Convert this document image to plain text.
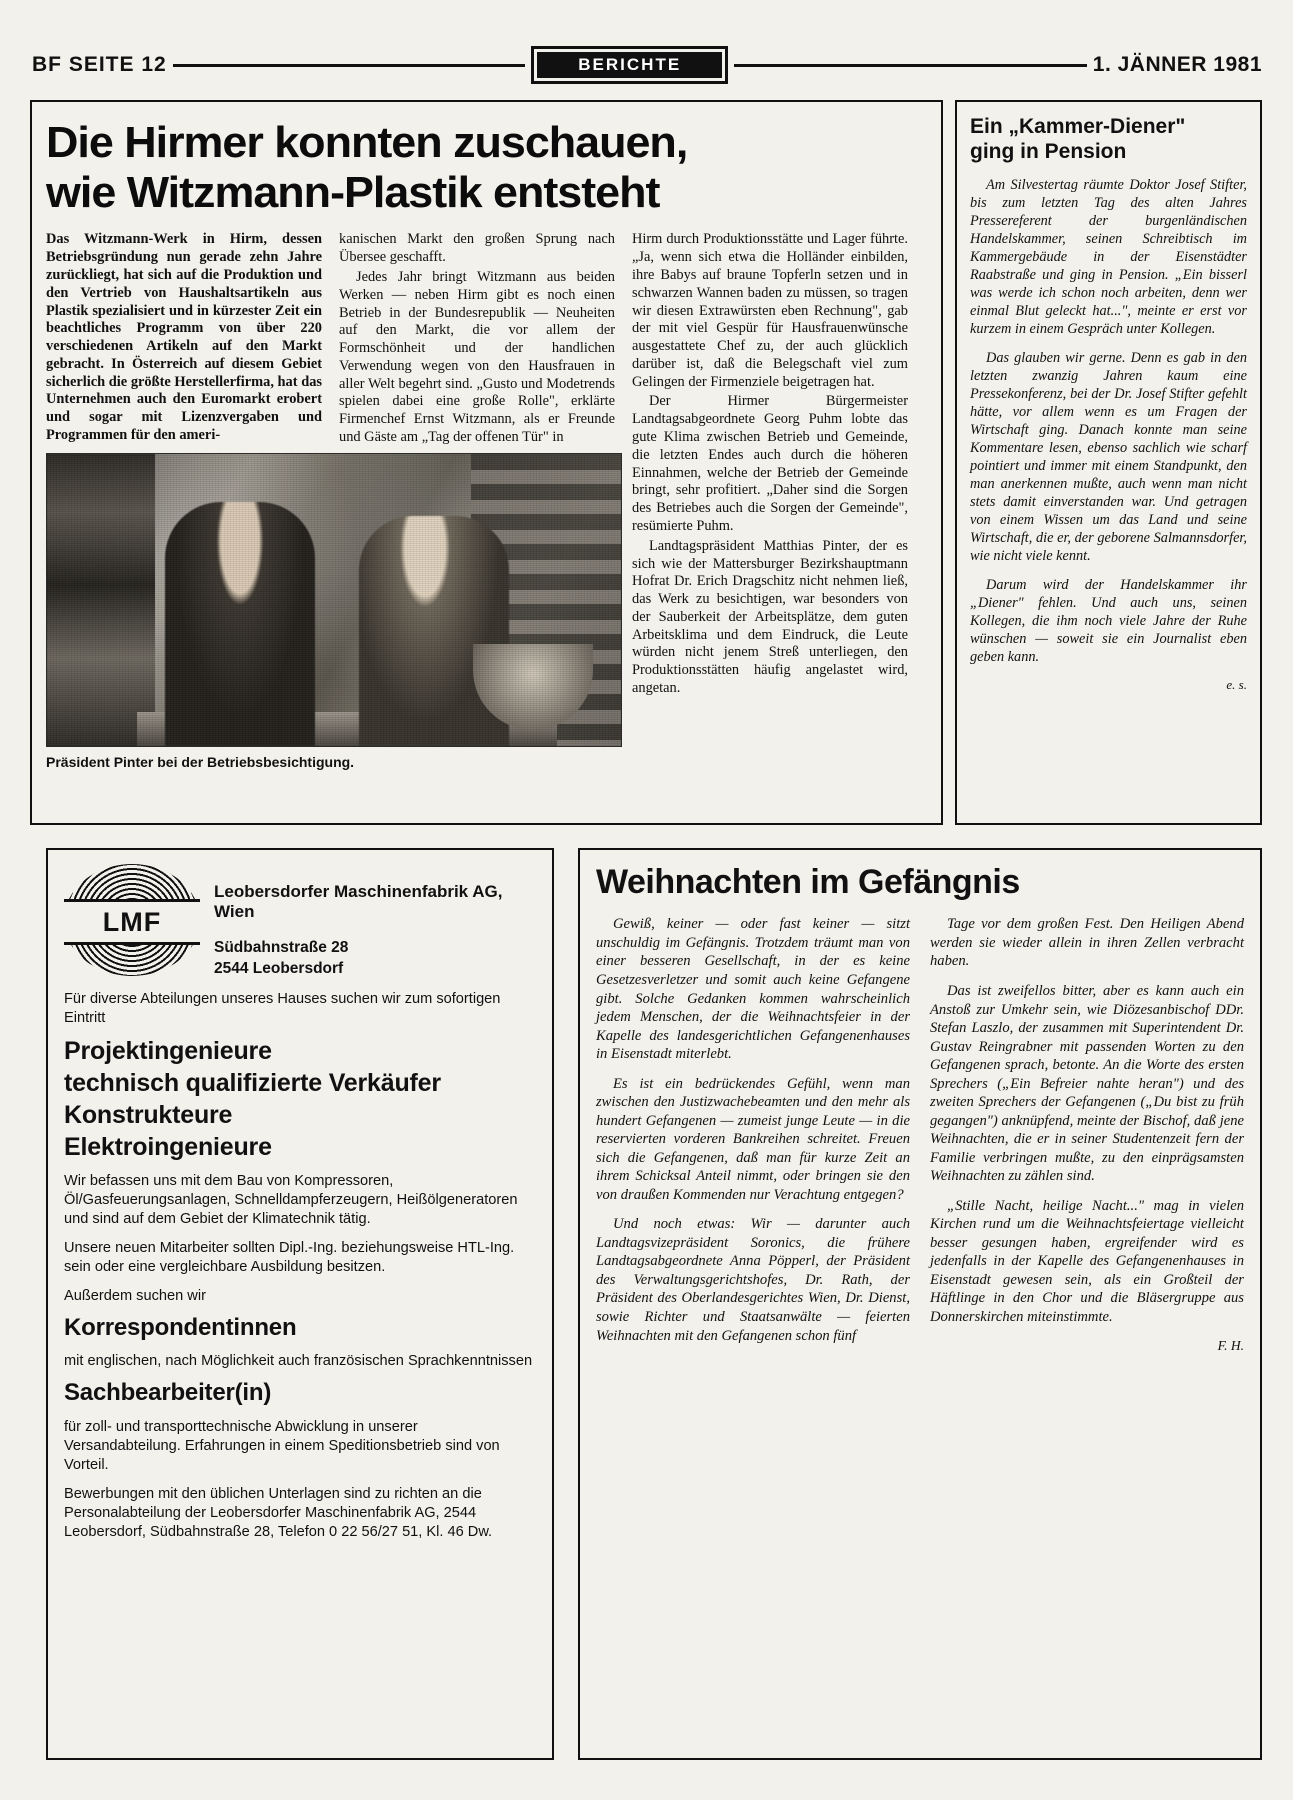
BF SEITE 12	BERICHTE	1. JÄNNER 1981
Die Hirmer konnten zuschauen,
wie Witzmann-Plastik entsteht

Das Witzmann-Werk in Hirm, dessen Betriebsgründung nun gerade zehn Jahre zurückliegt, hat sich auf die Produktion und den Vertrieb von Haushaltsartikeln aus Plastik spezialisiert und in kürzester Zeit ein beachtliches Programm von über 220 verschiedenen Artikeln auf den Markt gebracht. In Österreich auf diesem Gebiet sicherlich die größte Herstellerfirma, hat das Unternehmen auch den Euromarkt erobert und sogar mit Lizenzvergaben und Programmen für den ameri-

Präsident Pinter bei der Betriebsbesichtigung.

kanischen Markt den großen Sprung nach Übersee geschafft.

Jedes Jahr bringt Witzmann aus beiden Werken — neben Hirm gibt es noch einen Betrieb in der Bundesrepublik — Neuheiten auf den Markt, die vor allem der Formschönheit und der handlichen Verwendung wegen von den Hausfrauen in aller Welt begehrt sind. „Gusto und Modetrends spielen dabei eine große Rolle", erklärte Firmenchef Ernst Witzmann, als er Freunde und Gäste am „Tag der offenen Tür" in

Hirm durch Produktionsstätte und Lager führte. „Ja, wenn sich etwa die Holländer einbilden, ihre Babys auf braune Topferln setzen und in schwarzen Wannen baden zu müssen, so tragen wir diesen Extrawürsten eben Rechnung", gab der mit viel Gespür für Hausfrauenwünsche ausgestattete Chef zu, der auch glücklich darüber ist, daß die Belegschaft viel zum Gelingen der Firmenziele beigetragen hat.

Der Hirmer Bürgermeister Landtagsabgeordnete Georg Puhm lobte das gute Klima zwischen Betrieb und Gemeinde, die letzten Endes auch durch die höheren Einnahmen, welche der Betrieb der Gemeinde bringt, sehr profitiert. „Daher sind die Sorgen des Betriebes auch die Sorgen der Gemeinde", resümierte Puhm.

Landtagspräsident Matthias Pinter, der es sich wie der Mattersburger Bezirkshauptmann Hofrat Dr. Erich Dragschitz nicht nehmen ließ, das Werk zu besichtigen, war besonders von der Sauberkeit der Arbeitsplätze, dem guten Arbeitsklima und dem Eindruck, die Leute würden nicht jenem Streß unterliegen, den Produktionsstätten häufig angelastet wird, angetan.

Ein „Kammer-Diener"
ging in Pension

Am Silvestertag räumte Doktor Josef Stifter, bis zum letzten Tag des alten Jahres Pressereferent der burgenländischen Handelskammer, seinen Schreibtisch im Kammergebäude in der Eisenstädter Raabstraße und ging in Pension. „Ein bisserl was werde ich schon noch arbeiten, denn wer einmal Blut geleckt hat...", meinte er erst vor kurzem in einem Gespräch unter Kollegen.

Das glauben wir gerne. Denn es gab in den letzten zwanzig Jahren kaum eine Pressekonferenz, bei der Dr. Josef Stifter gefehlt hätte, vor allem wenn es um Fragen der Wirtschaft ging. Danach konnte man seine Kommentare lesen, ebenso sachlich wie scharf pointiert und immer mit einem Standpunkt, den man anerkennen mußte, auch wenn man nicht stets damit einverstanden war. Und getragen von einem Wissen um das Land und seine Wirtschaft, die er, der geborene Salmannsdorfer, wie nicht viele kennt.

Darum wird der Handelskammer ihr „Diener" fehlen. Und auch uns, seinen Kollegen, die ihm noch viele Jahre der Ruhe wünschen — soweit sie ein Journalist eben geben kann.

e. s.
LMF
Leobersdorfer Maschinenfabrik AG, Wien
Südbahnstraße 28
2544 Leobersdorf

Für diverse Abteilungen unseres Hauses suchen wir zum sofortigen Eintritt

Projektingenieure
technisch qualifizierte Verkäufer
Konstrukteure
Elektroingenieure

Wir befassen uns mit dem Bau von Kompressoren, Öl/Gasfeuerungsanlagen, Schnelldampferzeugern, Heißölgeneratoren und sind auf dem Gebiet der Klimatechnik tätig.

Unsere neuen Mitarbeiter sollten Dipl.-Ing. beziehungsweise HTL-Ing. sein oder eine vergleichbare Ausbildung besitzen.

Außerdem suchen wir

Korrespondentinnen

mit englischen, nach Möglichkeit auch französischen Sprachkenntnissen

Sachbearbeiter(in)

für zoll- und transporttechnische Abwicklung in unserer Versandabteilung. Erfahrungen in einem Speditionsbetrieb sind von Vorteil.

Bewerbungen mit den üblichen Unterlagen sind zu richten an die Personalabteilung der Leobersdorfer Maschinenfabrik AG, 2544 Leobersdorf, Südbahnstraße 28, Telefon 0 22 56/27 51, Kl. 46 Dw.

Weihnachten im Gefängnis

Gewiß, keiner — oder fast keiner — sitzt unschuldig im Gefängnis. Trotzdem träumt man von einer besseren Gesellschaft, in der es keine Gesetzesverletzer und somit auch keine Gefangene gibt. Solche Gedanken kommen wahrscheinlich jedem Menschen, der die Weihnachtsfeier in der Kapelle des landesgerichtlichen Gefangenenhauses in Eisenstadt miterlebt.

Es ist ein bedrückendes Gefühl, wenn man zwischen den Justizwachebeamten und den mehr als hundert Gefangenen — zumeist junge Leute — in die reservierten vorderen Bankreihen schreitet. Freuen sich die Gefangenen, daß man für kurze Zeit an ihrem Schicksal Anteil nimmt, oder bringen sie den von draußen Kommenden nur Verachtung entgegen?

Und noch etwas: Wir — darunter auch Landtagsvizepräsident Soronics, die frühere Landtagsabgeordnete Anna Pöpperl, der Präsident des Verwaltungsgerichtshofes, Dr. Rath, der Präsident des Oberlandesgerichtes Wien, Dr. Dienst, sowie Richter und Staatsanwälte — feierten Weihnachten mit den Gefangenen schon fünf

Tage vor dem großen Fest. Den Heiligen Abend werden sie wieder allein in ihren Zellen verbracht haben.

Das ist zweifellos bitter, aber es kann auch ein Anstoß zur Umkehr sein, wie Diözesanbischof DDr. Stefan Laszlo, der zusammen mit Superintendent Dr. Gustav Reingrabner mit passenden Worten zu den Gefangenen sprach, betonte. An die Worte des ersten Sprechers („Ein Befreier nahte heran") und des zweiten Sprechers der Gefangenen („Du bist zu früh gegangen") anknüpfend, meinte der Bischof, daß jene Weihnachten, die er in seiner Studentenzeit fern der Familie verbringen mußte, zu den einprägsamsten Weihnachten zu zählen sind.

„Stille Nacht, heilige Nacht..." mag in vielen Kirchen rund um die Weihnachtsfeiertage vielleicht besser gesungen haben, ergreifender wird es jedenfalls in der Kapelle des Gefangenenhauses in Eisenstadt gewesen sein, als ein Großteil der Häftlinge in den Chor und die Bläsergruppe aus Donnerskirchen miteinstimmte.

F. H.
